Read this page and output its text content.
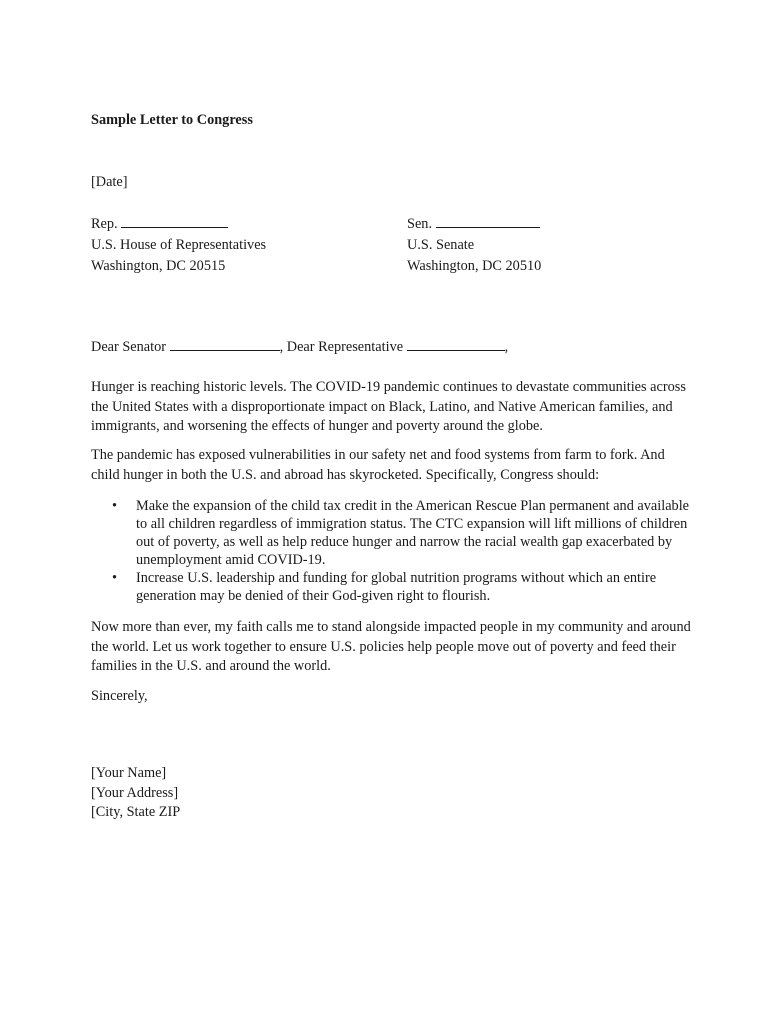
Sample Letter to Congress
[Date]
Rep.
U.S. House of Representatives
Washington, DC 20515
Sen.
U.S. Senate
Washington, DC 20510
Dear Senator	, Dear Representative	,

Hunger is reaching historic levels. The COVID-19 pandemic continues to devastate communities across the United States with a disproportionate impact on Black, Latino, and Native American families, and immigrants, and worsening the effects of hunger and poverty around the globe.

The pandemic has exposed vulnerabilities in our safety net and food systems from farm to fork. And child hunger in both the U.S. and abroad has skyrocketed. Specifically, Congress should:

• Make the expansion of the child tax credit in the American Rescue Plan permanent and available to all children regardless of immigration status. The CTC expansion will lift millions of children out of poverty, as well as help reduce hunger and narrow the racial wealth gap exacerbated by unemployment amid COVID-19.
• Increase U.S. leadership and funding for global nutrition programs without which an entire generation may be denied of their God-given right to flourish.

Now more than ever, my faith calls me to stand alongside impacted people in my community and around the world. Let us work together to ensure U.S. policies help people move out of poverty and feed their families in the U.S. and around the world.

Sincerely,
[Your Name]
[Your Address]
[City, State ZIP
